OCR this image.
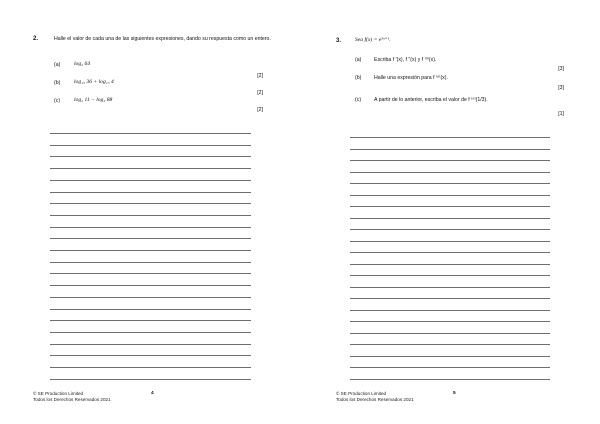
2.	Halle el valor de cada una de las siguientes expresiones, dando su respuesta como un entero.
(a) log₂ 64
[2]
(b) log₁₅ 36 + log₁₅ 4
[2]
(c) log₂ 11 − log₂ 88
[2]
© SE Production Limited
Todos los Derechos Reservados 2021
4
3. Sea f(x) = e³ˣ⁺¹.
(a) Escriba f ′(x), f ″(x) y f ⁽³⁾(x).
[3]
(b) Halle una expresión para f ⁽ⁿ⁾(x).
[3]
(c) A partir de lo anterior, escriba el valor de f ⁽ⁿ⁾(1/3).
[1]
© SE Production Limited
Todos los Derechos Reservados 2021
5
